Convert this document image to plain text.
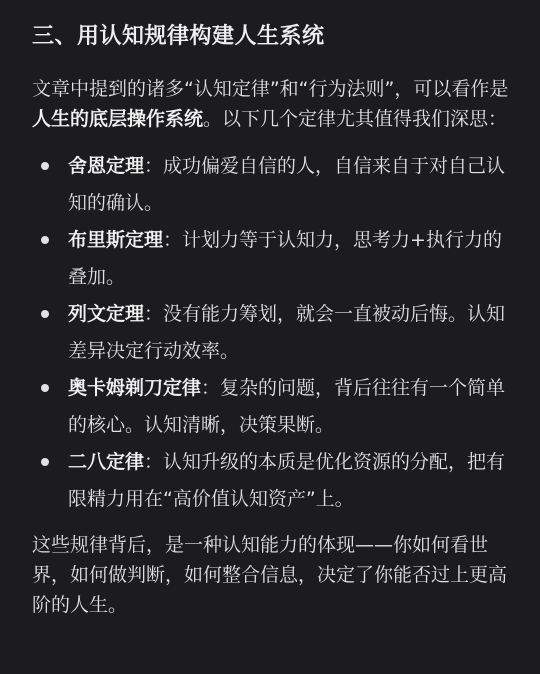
三、用认知规律构建人生系统

文章中提到的诸多“认知定律”和“行为法则”，可以看作是人生的底层操作系统。以下几个定律尤其值得我们深思：

舍恩定理：成功偏爱自信的人，自信来自于对自己认知的确认。
布里斯定理：计划力等于认知力，思考力+执行力的叠加。
列文定理：没有能力筹划，就会一直被动后悔。认知差异决定行动效率。
奥卡姆剃刀定律：复杂的问题，背后往往有一个简单的核心。认知清晰，决策果断。
二八定律：认知升级的本质是优化资源的分配，把有限精力用在“高价值认知资产”上。

这些规律背后，是一种认知能力的体现——你如何看世界，如何做判断，如何整合信息，决定了你能否过上更高阶的人生。
